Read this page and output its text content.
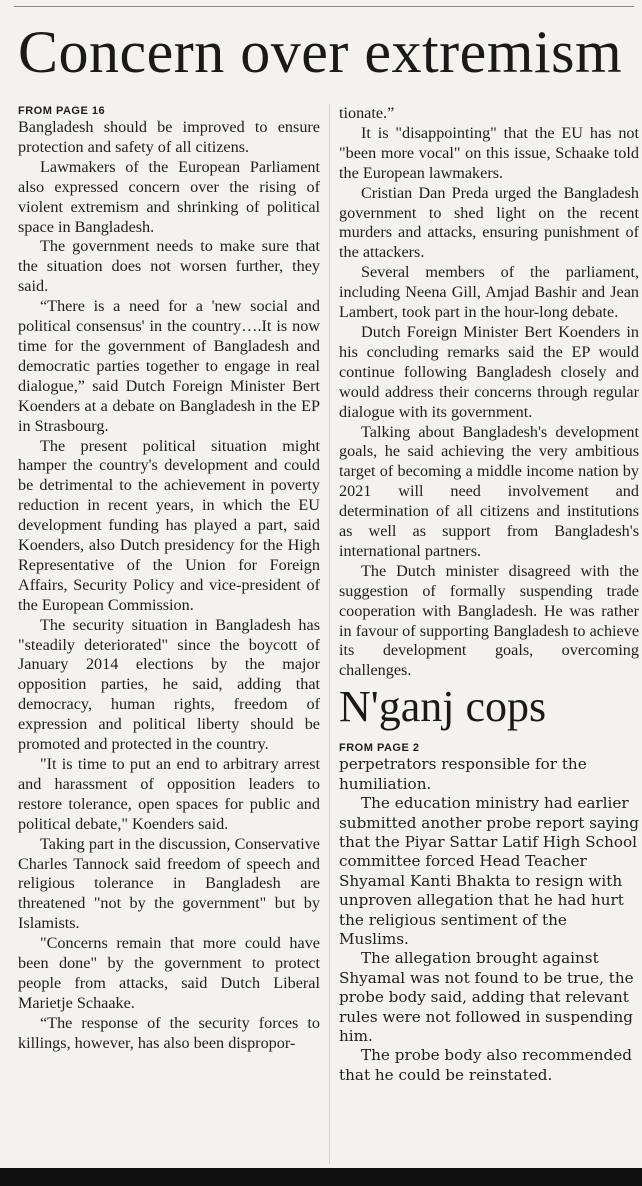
Concern over extremism
FROM PAGE 16

Bangladesh should be improved to ensure protection and safety of all citizens.

Lawmakers of the European Parliament also expressed concern over the rising of violent extremism and shrinking of political space in Bangladesh.

The government needs to make sure that the situation does not worsen further, they said.

“There is a need for a 'new social and political consensus' in the country….It is now time for the government of Bangladesh and democratic parties together to engage in real dialogue,” said Dutch Foreign Minister Bert Koenders at a debate on Bangladesh in the EP in Strasbourg.

The present political situation might hamper the country's development and could be detrimental to the achievement in poverty reduction in recent years, in which the EU development funding has played a part, said Koenders, also Dutch presidency for the High Representative of the Union for Foreign Affairs, Security Policy and vice-president of the European Commission.

The security situation in Bangladesh has "steadily deteriorated" since the boycott of January 2014 elections by the major opposition parties, he said, adding that democracy, human rights, freedom of expression and political liberty should be promoted and protected in the country.

"It is time to put an end to arbitrary arrest and harassment of opposition leaders to restore tolerance, open spaces for public and political debate," Koenders said.

Taking part in the discussion, Conservative Charles Tannock said freedom of speech and religious tolerance in Bangladesh are threatened "not by the government" but by Islamists.

"Concerns remain that more could have been done" by the government to protect people from attacks, said Dutch Liberal Marietje Schaake.

“The response of the security forces to killings, however, has also been dispropor-

tionate.”

It is "disappointing" that the EU has not "been more vocal" on this issue, Schaake told the European lawmakers.

Cristian Dan Preda urged the Bangladesh government to shed light on the recent murders and attacks, ensuring punishment of the attackers.

Several members of the parliament, including Neena Gill, Amjad Bashir and Jean Lambert, took part in the hour-long debate.

Dutch Foreign Minister Bert Koenders in his concluding remarks said the EP would continue following Bangladesh closely and would address their concerns through regular dialogue with its government.

Talking about Bangladesh's development goals, he said achieving the very ambitious target of becoming a middle income nation by 2021 will need involvement and determination of all citizens and institutions as well as support from Bangladesh's international partners.

The Dutch minister disagreed with the suggestion of formally suspending trade cooperation with Bangladesh. He was rather in favour of supporting Bangladesh to achieve its development goals, overcoming challenges.

N'ganj cops
FROM PAGE 2

perpetrators responsible for the humiliation.

The education ministry had earlier submitted another probe report saying that the Piyar Sattar Latif High School committee forced Head Teacher Shyamal Kanti Bhakta to resign with unproven allegation that he had hurt the religious sentiment of the Muslims.

The allegation brought against Shyamal was not found to be true, the probe body said, adding that relevant rules were not followed in suspending him.

The probe body also recommended that he could be reinstated.
